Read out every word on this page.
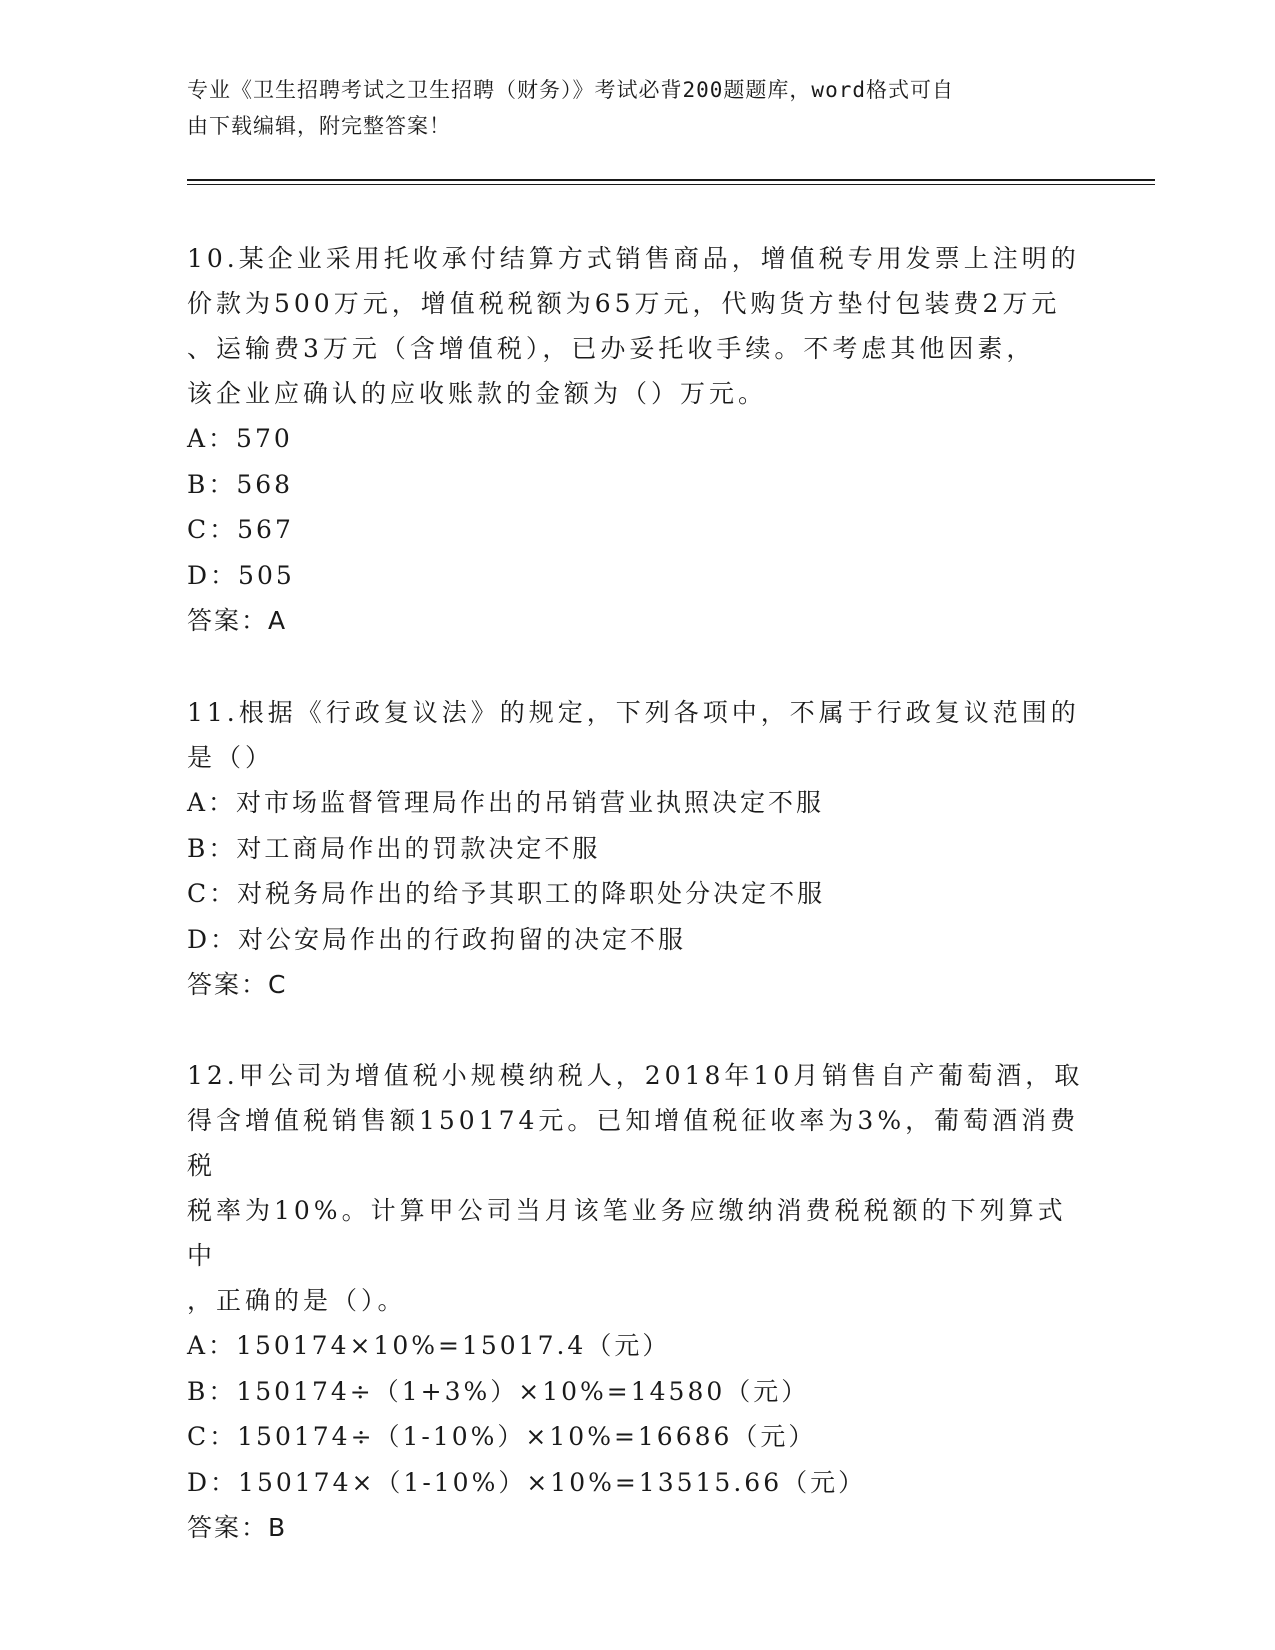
专业《卫生招聘考试之卫生招聘（财务）》考试必背200题题库，word格式可自
由下载编辑，附完整答案！

10.某企业采用托收承付结算方式销售商品，增值税专用发票上注明的

价款为500万元，增值税税额为65万元，代购货方垫付包装费2万元

、运输费3万元（含增值税），已办妥托收手续。不考虑其他因素，

该企业应确认的应收账款的金额为（）万元。

A：570

B：568

C：567

D：505

答案：A

11.根据《行政复议法》的规定，下列各项中，不属于行政复议范围的

是（）

A：对市场监督管理局作出的吊销营业执照决定不服

B：对工商局作出的罚款决定不服

C：对税务局作出的给予其职工的降职处分决定不服

D：对公安局作出的行政拘留的决定不服

答案：C

12.甲公司为增值税小规模纳税人，2018年10月销售自产葡萄酒，取

得含增值税销售额150174元。已知增值税征收率为3%，葡萄酒消费税

税率为10%。计算甲公司当月该笔业务应缴纳消费税税额的下列算式中

，正确的是（）。

A：150174×10%=15017.4（元）

B：150174÷（1+3%）×10%=14580（元）

C：150174÷（1-10%）×10%=16686（元）

D：150174×（1-10%）×10%=13515.66（元）

答案：B
